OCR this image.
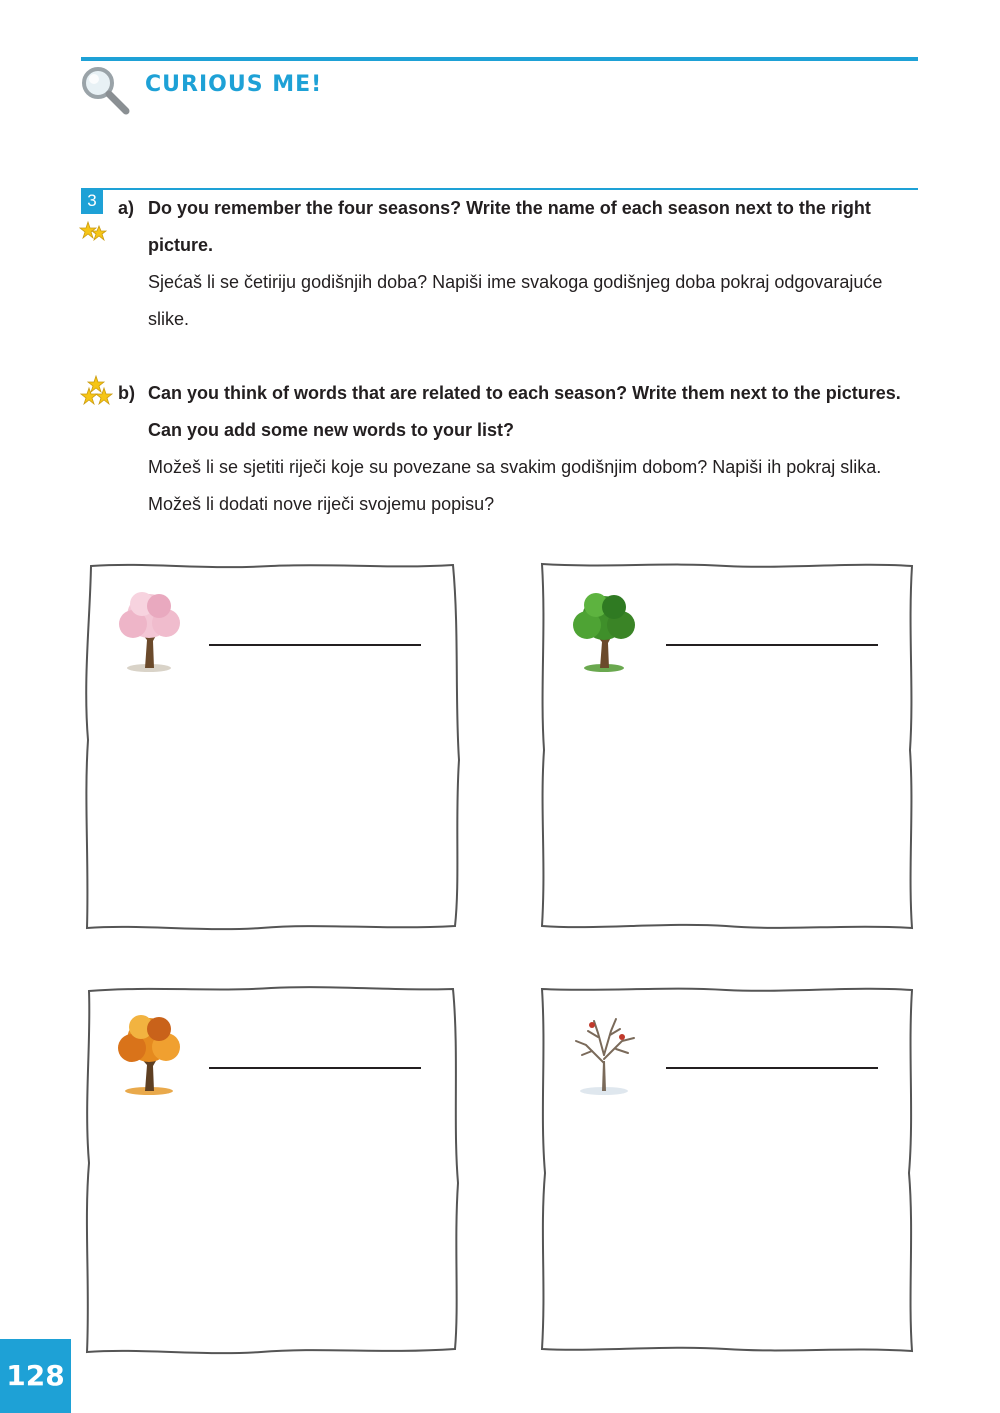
CURIOUS ME!
3	a) Do you remember the four seasons? Write the name of each season next to the right picture.
Sjećaš li se četiriju godišnjih doba? Napiši ime svakoga godišnjeg doba pokraj odgovarajuće slike.
b) Can you think of words that are related to each season? Write them next to the pictures. Can you add some new words to your list?
Možeš li se sjetiti riječi koje su povezane sa svakim godišnjim dobom? Napiši ih pokraj slika. Možeš li dodati nove riječi svojemu popisu?
128
